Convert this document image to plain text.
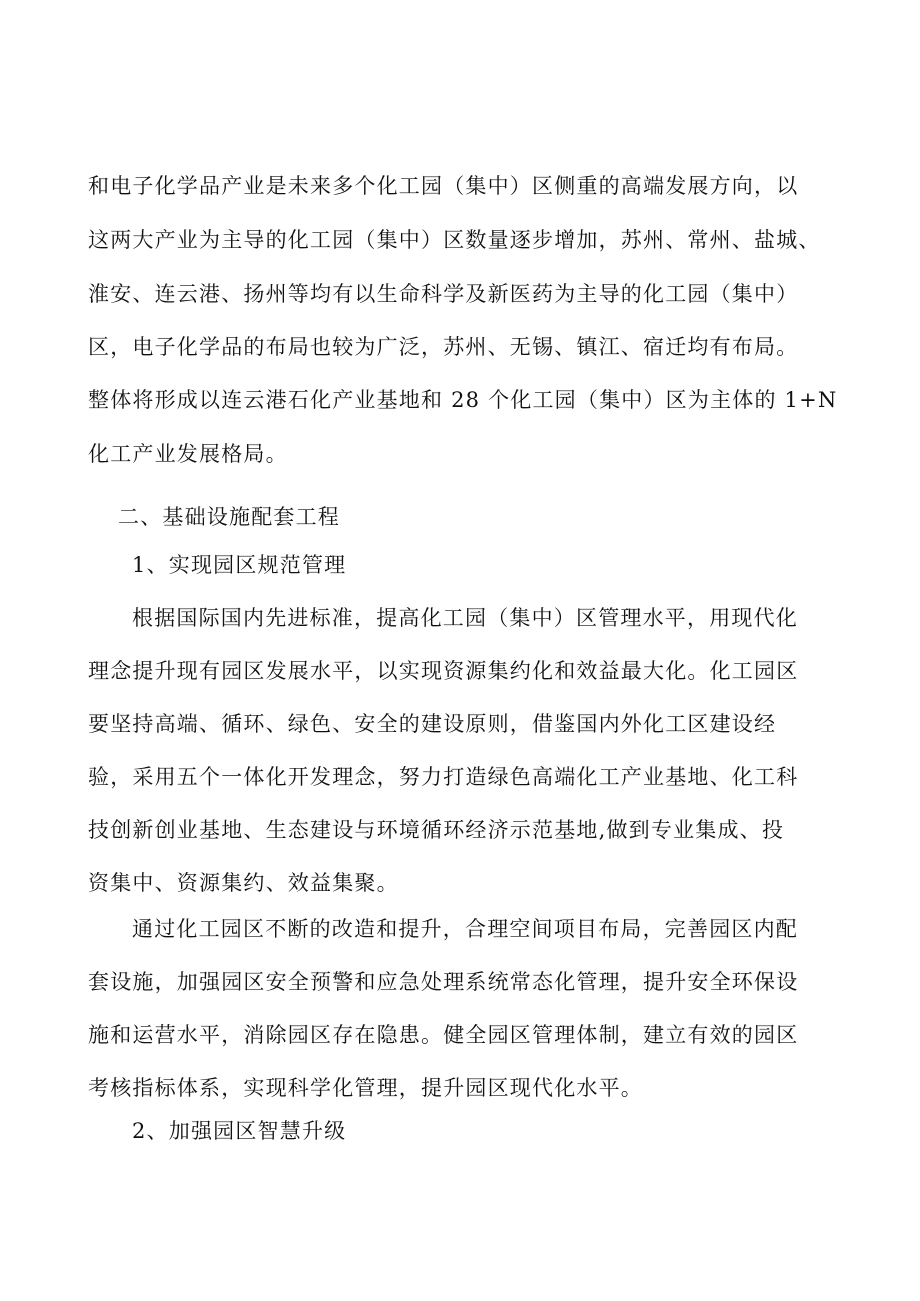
和电子化学品产业是未来多个化工园（集中）区侧重的高端发展方向，以
这两大产业为主导的化工园（集中）区数量逐步增加，苏州、常州、盐城、
淮安、连云港、扬州等均有以生命科学及新医药为主导的化工园（集中）
区，电子化学品的布局也较为广泛，苏州、无锡、镇江、宿迁均有布局。
整体将形成以连云港石化产业基地和 28 个化工园（集中）区为主体的 1+N
化工产业发展格局。
二、基础设施配套工程
1、实现园区规范管理
根据国际国内先进标准，提高化工园（集中）区管理水平，用现代化
理念提升现有园区发展水平，以实现资源集约化和效益最大化。化工园区
要坚持高端、循环、绿色、安全的建设原则，借鉴国内外化工区建设经
验，采用五个一体化开发理念，努力打造绿色高端化工产业基地、化工科
技创新创业基地、生态建设与环境循环经济示范基地,做到专业集成、投
资集中、资源集约、效益集聚。
通过化工园区不断的改造和提升，合理空间项目布局，完善园区内配
套设施，加强园区安全预警和应急处理系统常态化管理，提升安全环保设
施和运营水平，消除园区存在隐患。健全园区管理体制，建立有效的园区
考核指标体系，实现科学化管理，提升园区现代化水平。
2、加强园区智慧升级
